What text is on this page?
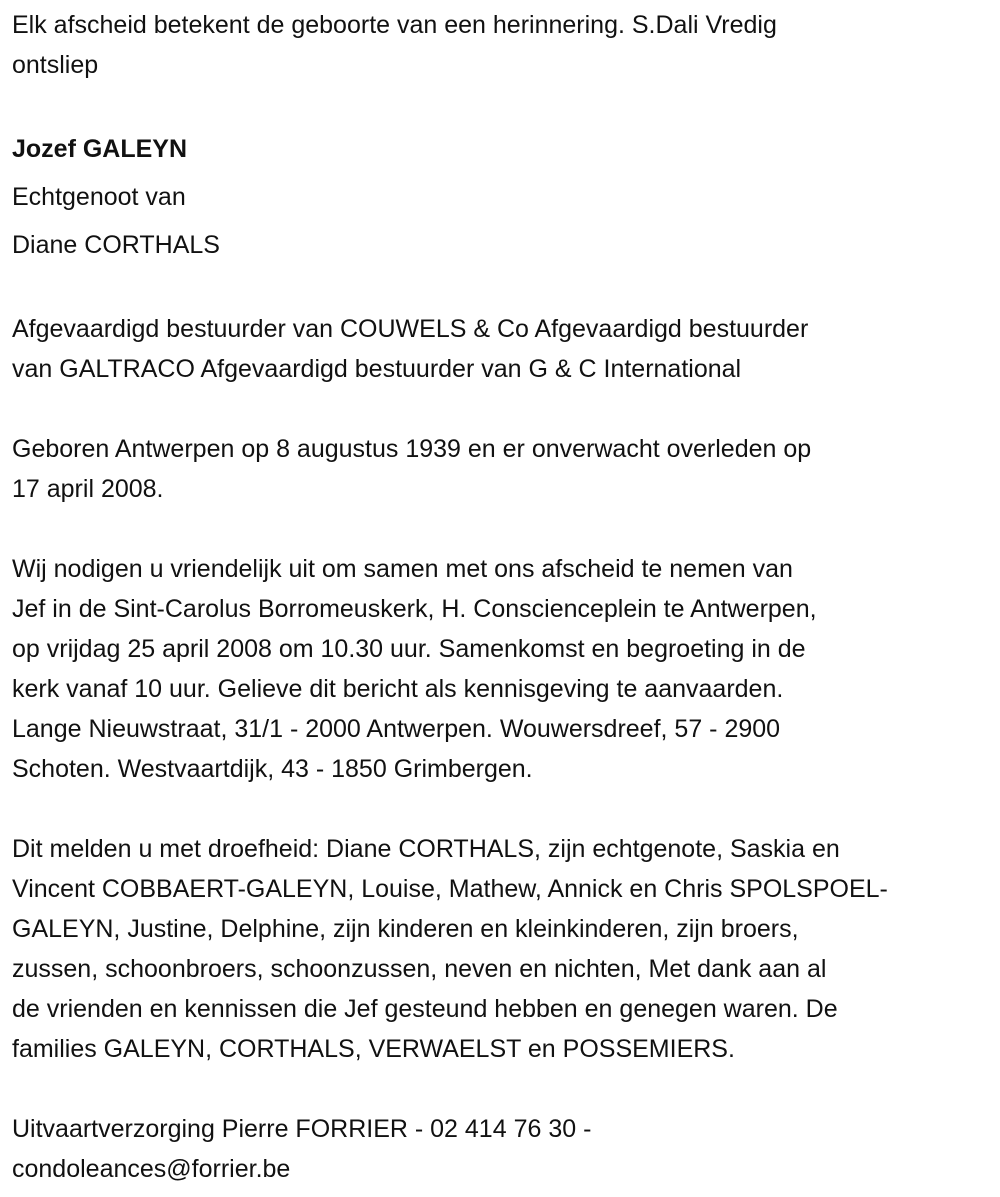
Elk afscheid betekent de geboorte van een herinnering. S.Dali Vredig
ontsliep
Jozef GALEYN
Echtgenoot van
Diane CORTHALS
Afgevaardigd bestuurder van COUWELS & Co Afgevaardigd bestuurder
van GALTRACO Afgevaardigd bestuurder van G & C International
Geboren Antwerpen op 8 augustus 1939 en er onverwacht overleden op
17 april 2008.
Wij nodigen u vriendelijk uit om samen met ons afscheid te nemen van
Jef in de Sint-Carolus Borromeuskerk, H. Conscienceplein te Antwerpen,
op vrijdag 25 april 2008 om 10.30 uur. Samenkomst en begroeting in de
kerk vanaf 10 uur. Gelieve dit bericht als kennisgeving te aanvaarden.
Lange Nieuwstraat, 31/1 - 2000 Antwerpen. Wouwersdreef, 57 - 2900
Schoten. Westvaartdijk, 43 - 1850 Grimbergen.
Dit melden u met droefheid: Diane CORTHALS, zijn echtgenote, Saskia en
Vincent COBBAERT-GALEYN, Louise, Mathew, Annick en Chris SPOLSPOEL-
GALEYN, Justine, Delphine, zijn kinderen en kleinkinderen, zijn broers,
zussen, schoonbroers, schoonzussen, neven en nichten, Met dank aan al
de vrienden en kennissen die Jef gesteund hebben en genegen waren. De
families GALEYN, CORTHALS, VERWAELST en POSSEMIERS.
Uitvaartverzorging Pierre FORRIER - 02 414 76 30 -
condoleances@forrier.be
